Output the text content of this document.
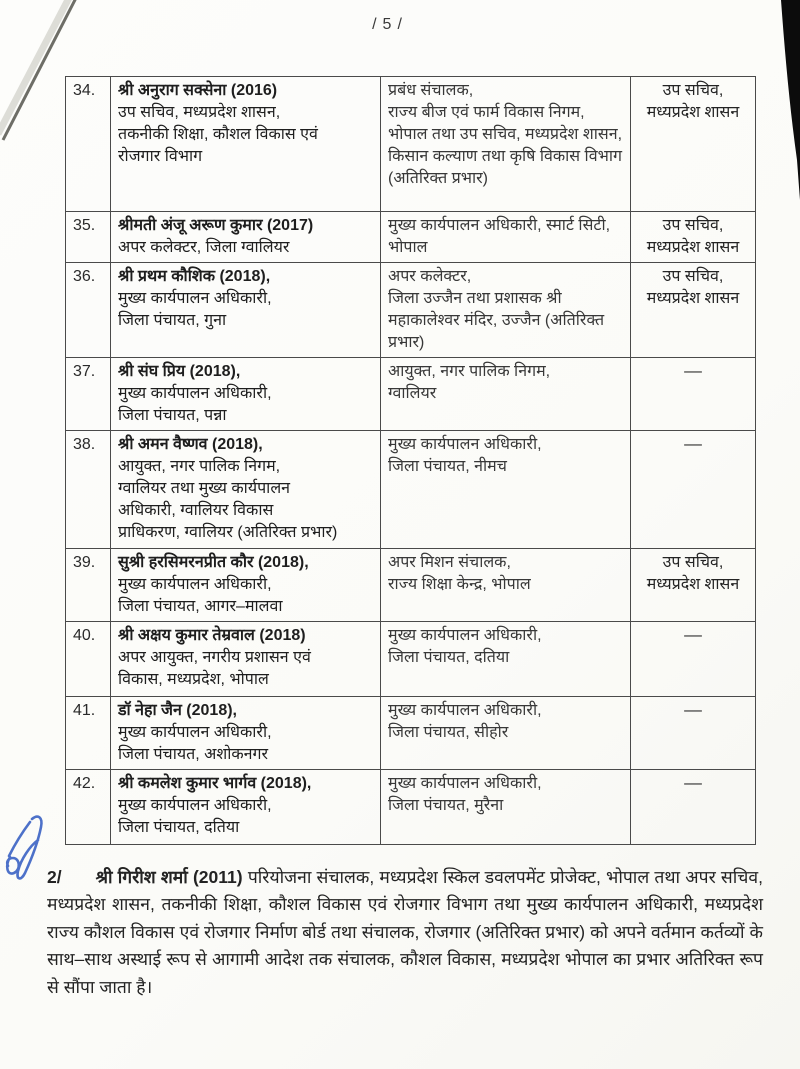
/5/
34.	श्री अनुराग सक्सेना (2016)
उप सचिव, मध्यप्रदेश शासन,
तकनीकी शिक्षा, कौशल विकास एवं
रोजगार विभाग

प्रबंध संचालक,
राज्य बीज एवं फार्म विकास निगम, भोपाल तथा उप सचिव, मध्यप्रदेश शासन, किसान कल्याण तथा कृषि विकास विभाग (अतिरिक्त प्रभार)

उप सचिव,
मध्यप्रदेश शासन

35.	श्रीमती अंजू अरूण कुमार (2017)
अपर कलेक्टर, जिला ग्वालियर

मुख्य कार्यपालन अधिकारी, स्मार्ट सिटी, भोपाल

उप सचिव,
मध्यप्रदेश शासन

36.	श्री प्रथम कौशिक (2018),
मुख्य कार्यपालन अधिकारी,
जिला पंचायत, गुना

अपर कलेक्टर,
जिला उज्जैन तथा प्रशासक श्री महाकालेश्वर मंदिर, उज्जैन (अतिरिक्त प्रभार)

उप सचिव,
मध्यप्रदेश शासन

37.	श्री संघ प्रिय (2018),
मुख्य कार्यपालन अधिकारी,
जिला पंचायत, पन्ना

आयुक्त, नगर पालिक निगम,
ग्वालियर

––

38.	श्री अमन वैष्णव (2018),
आयुक्त, नगर पालिक निगम,
ग्वालियर तथा मुख्य कार्यपालन
अधिकारी, ग्वालियर विकास
प्राधिकरण, ग्वालियर (अतिरिक्त प्रभार)

मुख्य कार्यपालन अधिकारी,
जिला पंचायत, नीमच

––

39.	सुश्री हरसिमरनप्रीत कौर (2018),
मुख्य कार्यपालन अधिकारी,
जिला पंचायत, आगर–मालवा

अपर मिशन संचालक,
राज्य शिक्षा केन्द्र, भोपाल

उप सचिव,
मध्यप्रदेश शासन

40.	श्री अक्षय कुमार तेम्रवाल (2018)
अपर आयुक्त, नगरीय प्रशासन एवं
विकास, मध्यप्रदेश, भोपाल

मुख्य कार्यपालन अधिकारी,
जिला पंचायत, दतिया

––

41.	डॉ नेहा जैन (2018),
मुख्य कार्यपालन अधिकारी,
जिला पंचायत, अशोकनगर

मुख्य कार्यपालन अधिकारी,
जिला पंचायत, सीहोर

––

42.	श्री कमलेश कुमार भार्गव (2018),
मुख्य कार्यपालन अधिकारी,
जिला पंचायत, दतिया

मुख्य कार्यपालन अधिकारी,
जिला पंचायत, मुरैना

––

2/ श्री गिरीश शर्मा (2011) परियोजना संचालक, मध्यप्रदेश स्किल डवलपमेंट प्रोजेक्ट, भोपाल तथा अपर सचिव, मध्यप्रदेश शासन, तकनीकी शिक्षा, कौशल विकास एवं रोजगार विभाग तथा मुख्य कार्यपालन अधिकारी, मध्यप्रदेश राज्य कौशल विकास एवं रोजगार निर्माण बोर्ड तथा संचालक, रोजगार (अतिरिक्त प्रभार) को अपने वर्तमान कर्तव्यों के साथ–साथ अस्थाई रूप से आगामी आदेश तक संचालक, कौशल विकास, मध्यप्रदेश भोपाल का प्रभार अतिरिक्त रूप से सौंपा जाता है।
